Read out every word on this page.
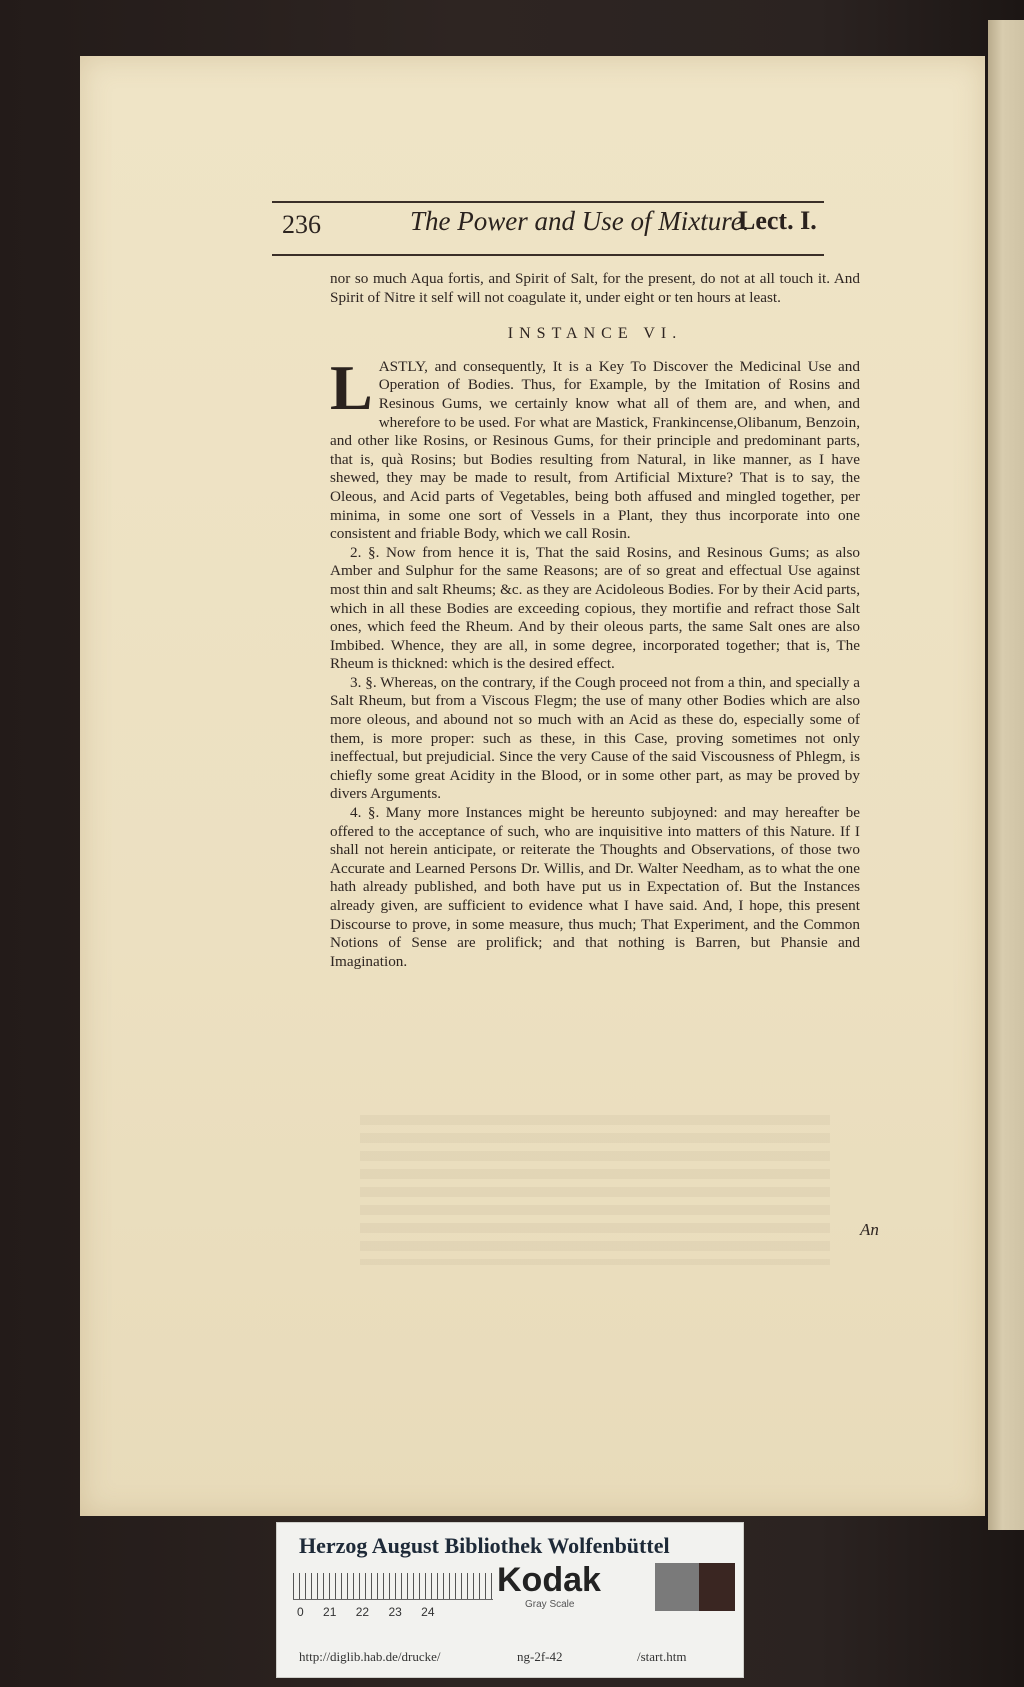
236	The Power and Use of Mixture.
Lect. I.

nor so much Aqua fortis, and Spirit of Salt, for the present, do not at all touch it. And Spirit of Nitre it self will not coagulate it, under eight or ten hours at least.

INSTANCE VI.

L ASTLY, and consequently, It is a Key To Discover the Medicinal Use and Operation of Bodies. Thus, for Example, by the Imitation of Rosins and Resinous Gums, we certainly know what all of them are, and when, and wherefore to be used. For what are Mastick, Frankincense,Olibanum, Benzoin, and other like Rosins, or Resinous Gums, for their principle and predominant parts, that is, quà Rosins; but Bodies resulting from Natural, in like manner, as I have shewed, they may be made to result, from Artificial Mixture? That is to say, the Oleous, and Acid parts of Vegetables, being both affused and mingled together, per minima, in some one sort of Vessels in a Plant, they thus incorporate into one consistent and friable Body, which we call Rosin.

2. §. Now from hence it is, That the said Rosins, and Resinous Gums; as also Amber and Sulphur for the same Reasons; are of so great and effectual Use against most thin and salt Rheums; &c. as they are Acidoleous Bodies. For by their Acid parts, which in all these Bodies are exceeding copious, they mortifie and refract those Salt ones, which feed the Rheum. And by their oleous parts, the same Salt ones are also Imbibed. Whence, they are all, in some degree, incorporated together; that is, The Rheum is thickned: which is the desired effect.

3. §. Whereas, on the contrary, if the Cough proceed not from a thin, and specially a Salt Rheum, but from a Viscous Flegm; the use of many other Bodies which are also more oleous, and abound not so much with an Acid as these do, especially some of them, is more proper: such as these, in this Case, proving sometimes not only ineffectual, but prejudicial. Since the very Cause of the said Viscousness of Phlegm, is chiefly some great Acidity in the Blood, or in some other part, as may be proved by divers Arguments.

4. §. Many more Instances might be hereunto subjoyned: and may hereafter be offered to the acceptance of such, who are inquisitive into matters of this Nature. If I shall not herein anticipate, or reiterate the Thoughts and Observations, of those two Accurate and Learned Persons Dr. Willis, and Dr. Walter Needham, as to what the one hath already published, and both have put us in Expectation of. But the Instances already given, are sufficient to evidence what I have said. And, I hope, this present Discourse to prove, in some measure, thus much; That Experiment, and the Common Notions of Sense are prolifick; and that nothing is Barren, but Phansie and Imagination.

An
Herzog August Bibliothek Wolfenbüttel
0 21 22 23 24
Kodak
Gray Scale
http://diglib.hab.de/drucke/	ng-2f-42	/start.htm
